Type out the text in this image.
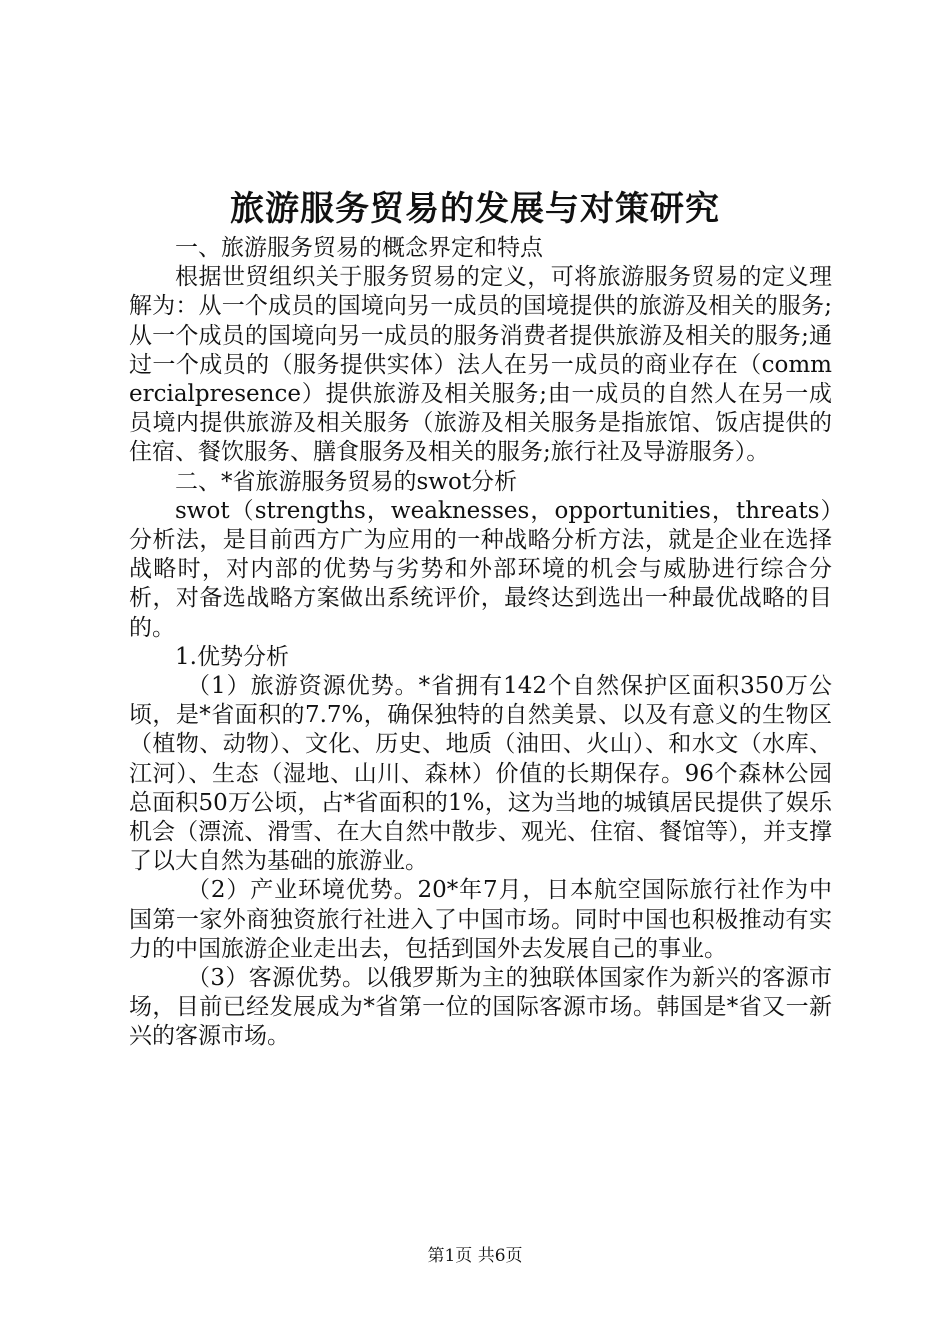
旅游服务贸易的发展与对策研究

一、旅游服务贸易的概念界定和特点

根据世贸组织关于服务贸易的定义，可将旅游服务贸易的定义理解为：从一个成员的国境向另一成员的国境提供的旅游及相关的服务;从一个成员的国境向另一成员的服务消费者提供旅游及相关的服务;通过一个成员的（服务提供实体）法人在另一成员的商业存在（commercialpresence）提供旅游及相关服务;由一成员的自然人在另一成员境内提供旅游及相关服务（旅游及相关服务是指旅馆、饭店提供的住宿、餐饮服务、膳食服务及相关的服务;旅行社及导游服务）。

二、*省旅游服务贸易的swot分析

swot（strengths，weaknesses，opportunities，threats）分析法，是目前西方广为应用的一种战略分析方法，就是企业在选择战略时，对内部的优势与劣势和外部环境的机会与威胁进行综合分析，对备选战略方案做出系统评价，最终达到选出一种最优战略的目的。

1.优势分析

（1）旅游资源优势。*省拥有142个自然保护区面积350万公顷，是*省面积的7.7%，确保独特的自然美景、以及有意义的生物区（植物、动物）、文化、历史、地质（油田、火山）、和水文（水库、江河）、生态（湿地、山川、森林）价值的长期保存。96个森林公园总面积50万公顷，占*省面积的1%，这为当地的城镇居民提供了娱乐机会（漂流、滑雪、在大自然中散步、观光、住宿、餐馆等），并支撑了以大自然为基础的旅游业。

（2）产业环境优势。20*年7月，日本航空国际旅行社作为中国第一家外商独资旅行社进入了中国市场。同时中国也积极推动有实力的中国旅游企业走出去，包括到国外去发展自己的事业。

（3）客源优势。以俄罗斯为主的独联体国家作为新兴的客源市场，目前已经发展成为*省第一位的国际客源市场。韩国是*省又一新兴的客源市场。

第1页 共6页
